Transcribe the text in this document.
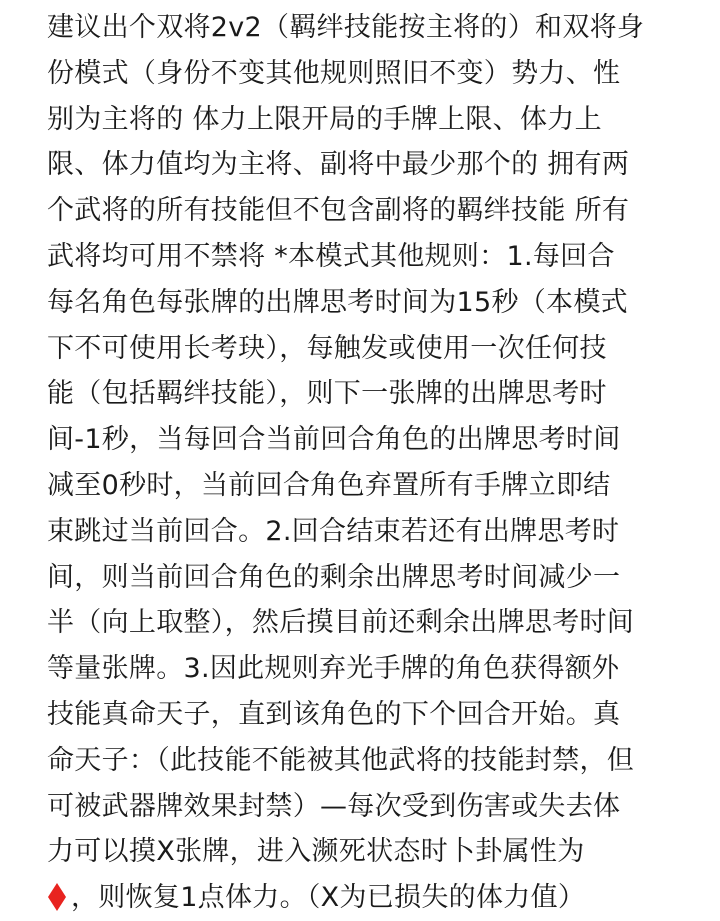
建议出个双将2v2（羁绊技能按主将的）和双将身
份模式（身份不变其他规则照旧不变）势力、性
别为主将的 体力上限开局的手牌上限、体力上
限、体力值均为主将、副将中最少那个的 拥有两
个武将的所有技能但不包含副将的羁绊技能 所有
武将均可用不禁将 *本模式其他规则：1.每回合
每名角色每张牌的出牌思考时间为15秒（本模式
下不可使用长考玦），每触发或使用一次任何技
能（包括羁绊技能），则下一张牌的出牌思考时
间-1秒，当每回合当前回合角色的出牌思考时间
减至0秒时，当前回合角色弃置所有手牌立即结
束跳过当前回合。2.回合结束若还有出牌思考时
间，则当前回合角色的剩余出牌思考时间减少一
半（向上取整），然后摸目前还剩余出牌思考时间
等量张牌。3.因此规则弃光手牌的角色获得额外
技能真命天子，直到该角色的下个回合开始。真
命天子：（此技能不能被其他武将的技能封禁，但
可被武器牌效果封禁）—每次受到伤害或失去体
力可以摸X张牌，进入濒死状态时卜卦属性为
，则恢复1点体力。（X为已损失的体力值）
